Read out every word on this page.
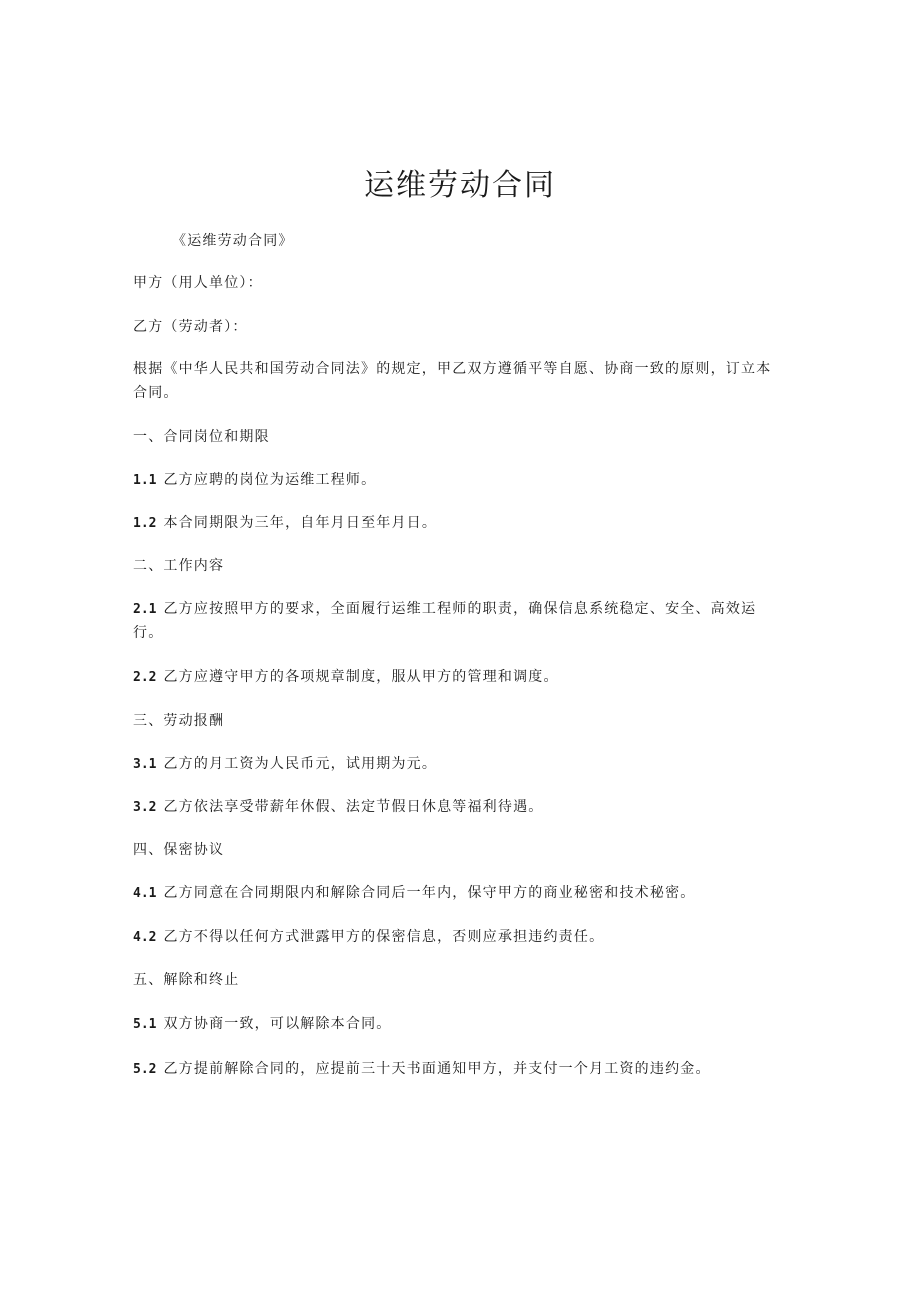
运维劳动合同
《运维劳动合同》
甲方（用人单位）：
乙方（劳动者）：
根据《中华人民共和国劳动合同法》的规定，甲乙双方遵循平等自愿、协商一致的原则，订立本
合同。
一、合同岗位和期限
1.1 乙方应聘的岗位为运维工程师。
1.2 本合同期限为三年，自年月日至年月日。
二、工作内容
2.1 乙方应按照甲方的要求，全面履行运维工程师的职责，确保信息系统稳定、安全、高效运
行。
2.2 乙方应遵守甲方的各项规章制度，服从甲方的管理和调度。
三、劳动报酬
3.1 乙方的月工资为人民币元，试用期为元。
3.2 乙方依法享受带薪年休假、法定节假日休息等福利待遇。
四、保密协议
4.1 乙方同意在合同期限内和解除合同后一年内，保守甲方的商业秘密和技术秘密。
4.2 乙方不得以任何方式泄露甲方的保密信息，否则应承担违约责任。
五、解除和终止
5.1 双方协商一致，可以解除本合同。
5.2 乙方提前解除合同的，应提前三十天书面通知甲方，并支付一个月工资的违约金。
